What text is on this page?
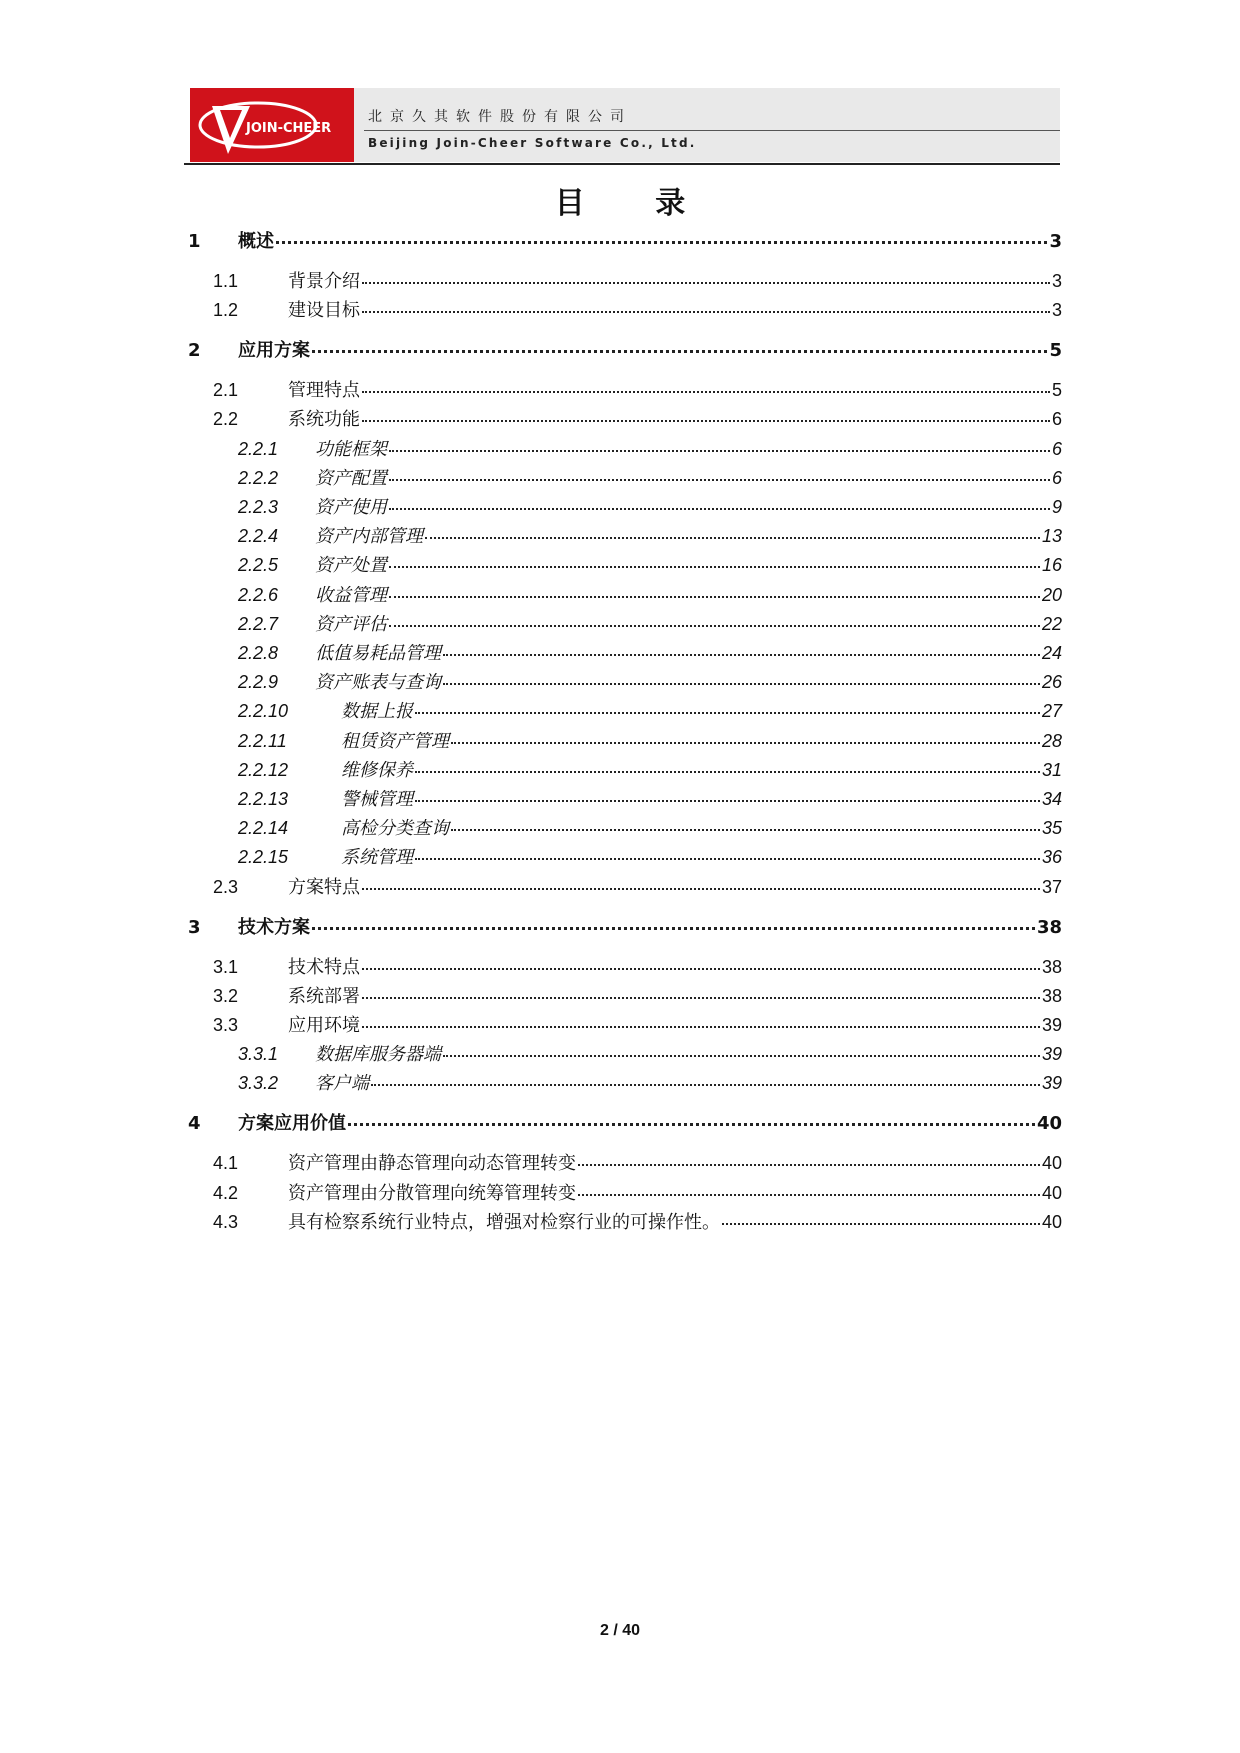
JOIN-CHEER
北京久其软件股份有限公司
Beijing Join-Cheer Software Co., Ltd.
目 录
1	概述	3
1.1	背景介绍	3
1.2	建设目标	3
2	应用方案	5
2.1	管理特点	5
2.2	系统功能	6
2.2.1	功能框架	6
2.2.2	资产配置	6
2.2.3	资产使用	9
2.2.4	资产内部管理	13
2.2.5	资产处置	16
2.2.6	收益管理	20
2.2.7	资产评估	22
2.2.8	低值易耗品管理	24
2.2.9	资产账表与查询	26
2.2.10	数据上报	27
2.2.11	租赁资产管理	28
2.2.12	维修保养	31
2.2.13	警械管理	34
2.2.14	高检分类查询	35
2.2.15	系统管理	36
2.3	方案特点	37
3	技术方案	38
3.1	技术特点	38
3.2	系统部署	38
3.3	应用环境	39
3.3.1	数据库服务器端	39
3.3.2	客户端	39
4	方案应用价值	40
4.1	资产管理由静态管理向动态管理转变	40
4.2	资产管理由分散管理向统筹管理转变	40
4.3	具有检察系统行业特点，增强对检察行业的可操作性。	40
2 / 40
